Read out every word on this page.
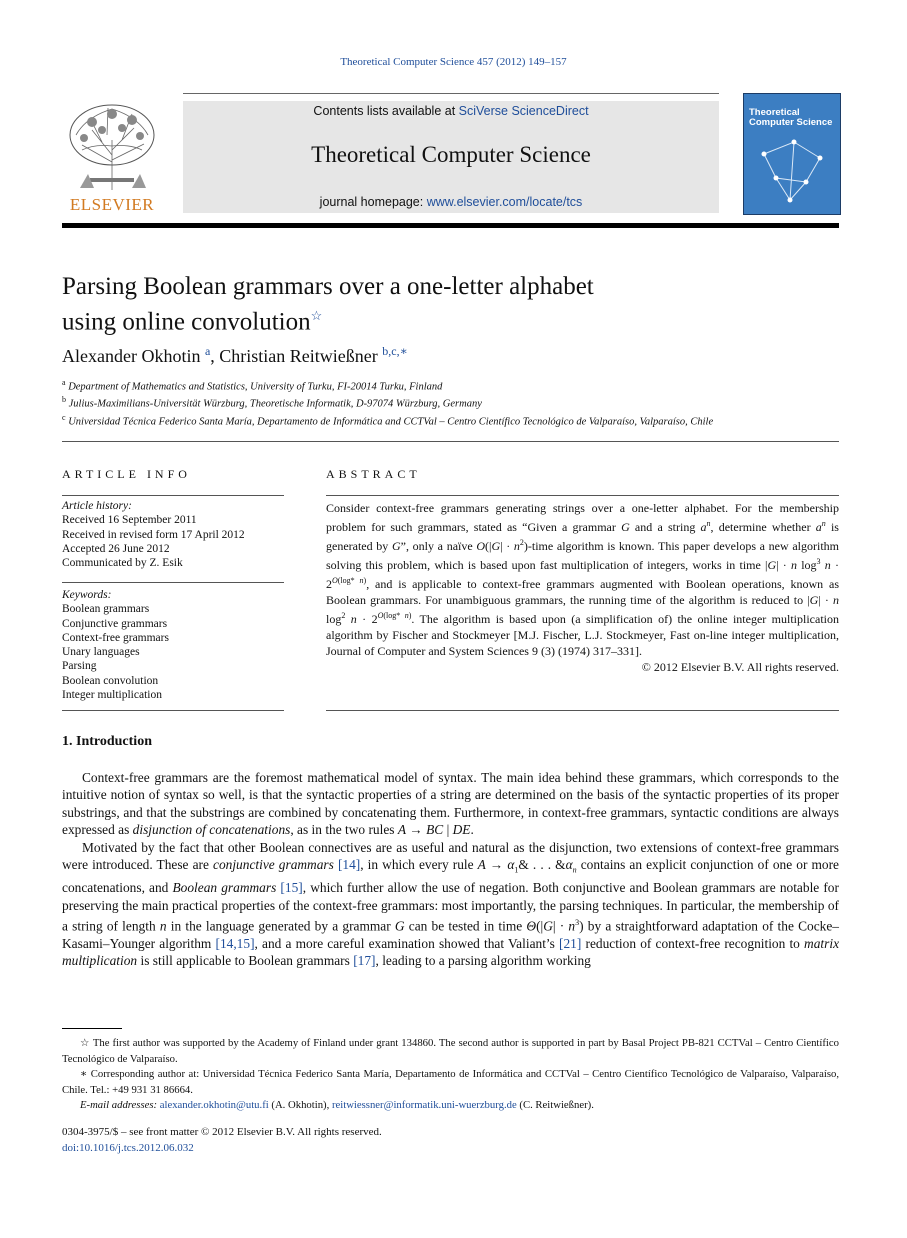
Theoretical Computer Science 457 (2012) 149–157
ELSEVIER
Contents lists available at SciVerse ScienceDirect
Theoretical Computer Science
journal homepage: www.elsevier.com/locate/tcs
Theoretical Computer Science
Parsing Boolean grammars over a one-letter alphabet
using online convolution☆
Alexander Okhotin $^a$, Christian Reitwießner $^{b,c,∗}$
$^a$ Department of Mathematics and Statistics, University of Turku, FI-20014 Turku, Finland
$^b$ Julius-Maximilians-Universität Würzburg, Theoretische Informatik, D-97074 Würzburg, Germany
$^c$ Universidad Técnica Federico Santa María, Departamento de Informática and CCTVal – Centro Científico Tecnológico de Valparaíso, Valparaíso, Chile
ARTICLE INFO
Article history:
Received 16 September 2011
Received in revised form 17 April 2012
Accepted 26 June 2012
Communicated by Z. Esik
Keywords:
Boolean grammars
Conjunctive grammars
Context-free grammars
Unary languages
Parsing
Boolean convolution
Integer multiplication
ABSTRACT
Consider context-free grammars generating strings over a one-letter alphabet. For the membership problem for such grammars, stated as “Given a grammar G and a string $a^n$, determine whether $a^n$ is generated by G”, only a naïve $O(|G| \cdot n^2)$-time algorithm is known. This paper develops a new algorithm solving this problem, which is based upon fast multiplication of integers, works in time |G| · n $\log^3 n \cdot 2^{O(log* n)}$, and is applicable to context-free grammars augmented with Boolean operations, known as Boolean grammars. For unambiguous grammars, the running time of the algorithm is reduced to |G| · n $\log^2 n \cdot 2^{O(log* n)}$. The algorithm is based upon (a simplification of) the online integer multiplication algorithm by Fischer and Stockmeyer [M.J. Fischer, L.J. Stockmeyer, Fast on-line integer multiplication, Journal of Computer and System Sciences 9 (3) (1974) 317–331].
© 2012 Elsevier B.V. All rights reserved.
1. Introduction

Context-free grammars are the foremost mathematical model of syntax. The main idea behind these grammars, which corresponds to the intuitive notion of syntax so well, is that the syntactic properties of a string are determined on the basis of the syntactic properties of its proper substrings, and that the substrings are combined by concatenating them. Furthermore, in context-free grammars, syntactic conditions are always expressed as disjunction of concatenations, as in the two rules A → BC | DE.

Motivated by the fact that other Boolean connectives are as useful and natural as the disjunction, two extensions of context-free grammars were introduced. These are conjunctive grammars [14], in which every rule $A \to \alpha_1\&$ . . . $\&\alpha_n$ contains an explicit conjunction of one or more concatenations, and Boolean grammars [15], which further allow the use of negation. Both conjunctive and Boolean grammars are notable for preserving the main practical properties of the context-free grammars: most importantly, the parsing techniques. In particular, the membership of a string of length n in the language generated by a grammar G can be tested in time $\Theta(|G| \cdot n^3)$ by a straightforward adaptation of the Cocke–Kasami–Younger algorithm [14,15], and a more careful examination showed that Valiant’s [21] reduction of context-free recognition to matrix multiplication is still applicable to Boolean grammars [17], leading to a parsing algorithm working

☆ The first author was supported by the Academy of Finland under grant 134860. The second author is supported in part by Basal Project PB-821 CCTVal – Centro Científico Tecnológico de Valparaíso.

∗ Corresponding author at: Universidad Técnica Federico Santa María, Departamento de Informática and CCTVal – Centro Científico Tecnológico de Valparaíso, Valparaíso, Chile. Tel.: +49 931 31 86664.

E-mail addresses: alexander.okhotin@utu.fi (A. Okhotin), reitwiessner@informatik.uni-wuerzburg.de (C. Reitwießner).

0304-3975/$ – see front matter © 2012 Elsevier B.V. All rights reserved.
doi:10.1016/j.tcs.2012.06.032
